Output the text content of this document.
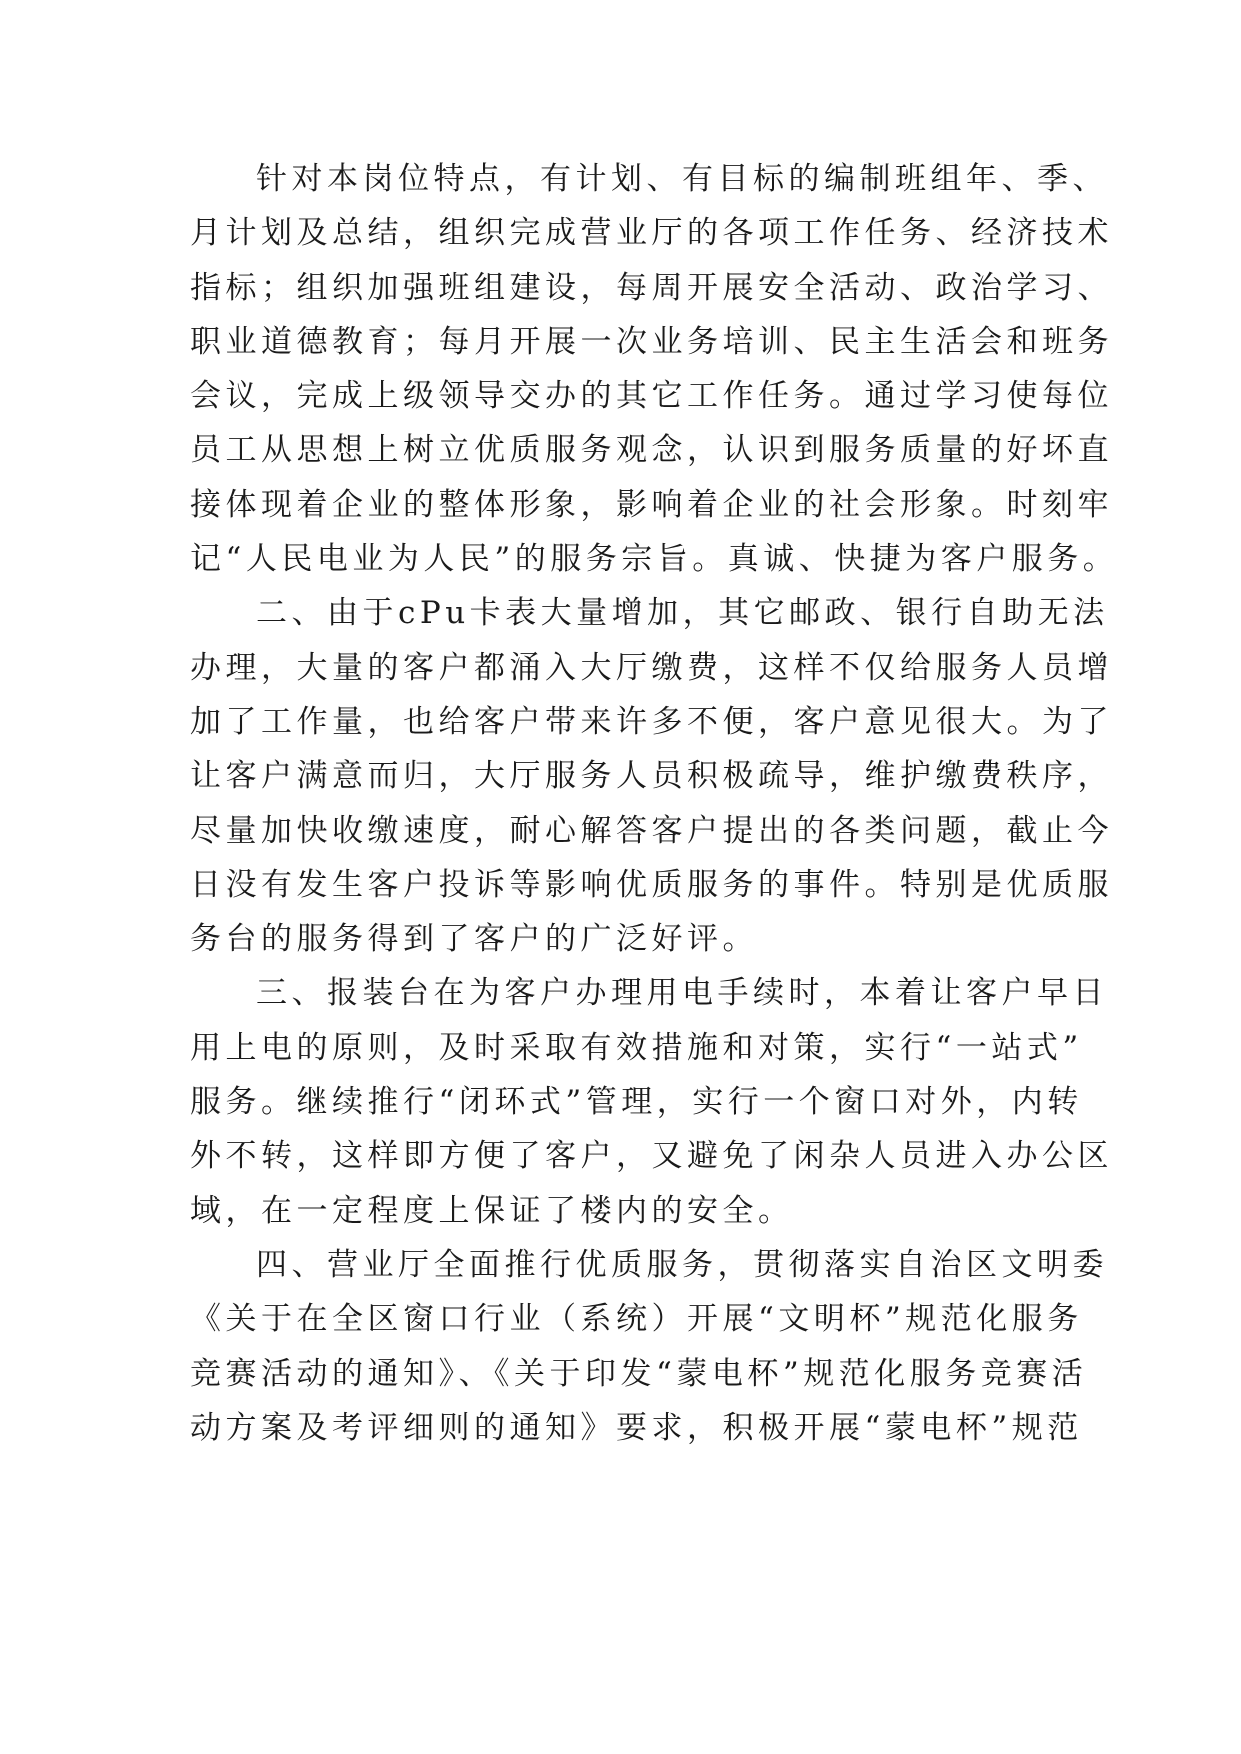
针对本岗位特点，有计划、有目标的编制班组年、季、
月计划及总结，组织完成营业厅的各项工作任务、经济技术
指标；组织加强班组建设，每周开展安全活动、政治学习、
职业道德教育；每月开展一次业务培训、民主生活会和班务
会议，完成上级领导交办的其它工作任务。通过学习使每位
员工从思想上树立优质服务观念，认识到服务质量的好坏直
接体现着企业的整体形象，影响着企业的社会形象。时刻牢
记“人民电业为人民”的服务宗旨。真诚、快捷为客户服务。
二、由于cPu卡表大量增加，其它邮政、银行自助无法
办理，大量的客户都涌入大厅缴费，这样不仅给服务人员增
加了工作量，也给客户带来许多不便，客户意见很大。为了
让客户满意而归，大厅服务人员积极疏导，维护缴费秩序，
尽量加快收缴速度，耐心解答客户提出的各类问题，截止今
日没有发生客户投诉等影响优质服务的事件。特别是优质服
务台的服务得到了客户的广泛好评。
三、报装台在为客户办理用电手续时，本着让客户早日
用上电的原则，及时采取有效措施和对策，实行“一站式”
服务。继续推行“闭环式”管理，实行一个窗口对外，内转
外不转，这样即方便了客户，又避免了闲杂人员进入办公区
域，在一定程度上保证了楼内的安全。
四、营业厅全面推行优质服务，贯彻落实自治区文明委
《关于在全区窗口行业（系统）开展“文明杯”规范化服务
竞赛活动的通知》、《关于印发“蒙电杯”规范化服务竞赛活
动方案及考评细则的通知》要求，积极开展“蒙电杯”规范
